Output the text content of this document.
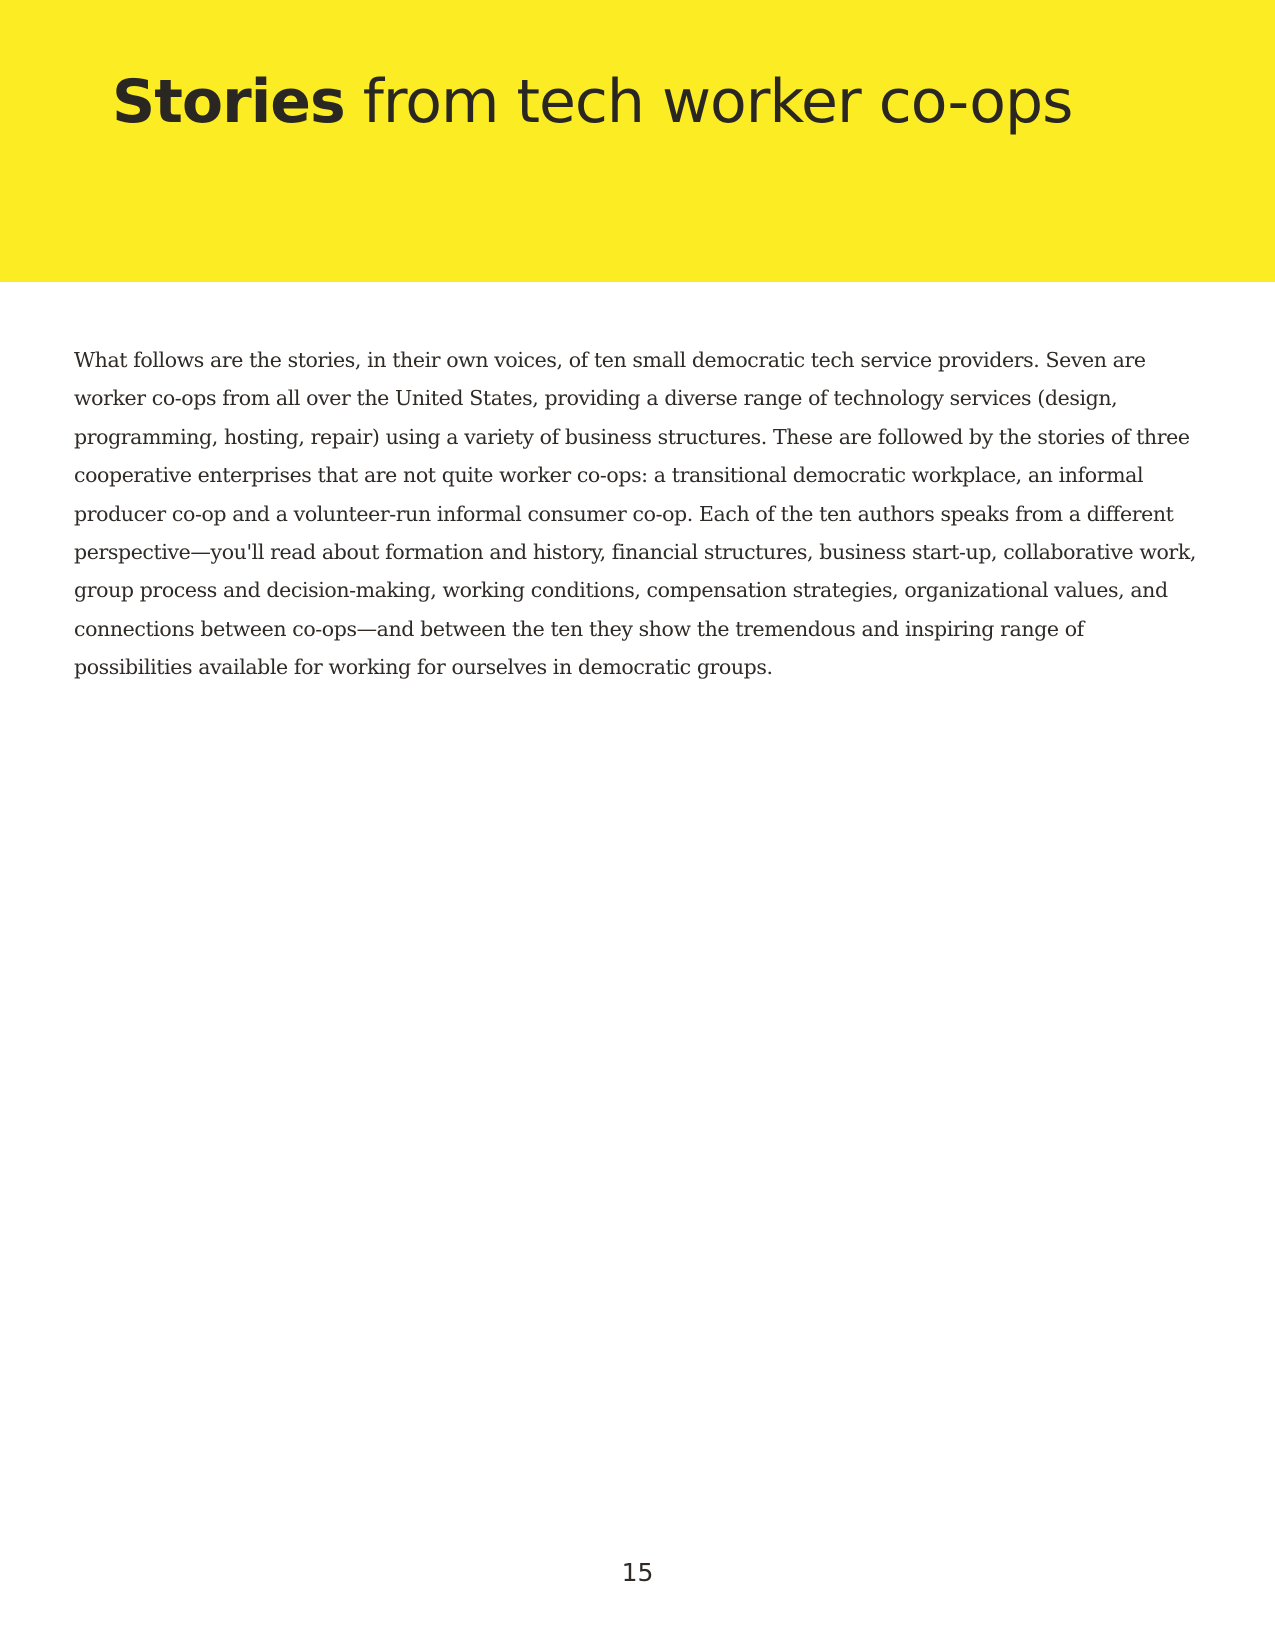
Stories from tech worker co-ops

What follows are the stories, in their own voices, of ten small democratic tech service providers. Seven are worker co-ops from all over the United States, providing a diverse range of technology services (design, programming, hosting, repair) using a variety of business structures. These are followed by the stories of three cooperative enterprises that are not quite worker co-ops: a transitional democratic workplace, an informal producer co-op and a volunteer-run informal consumer co-op. Each of the ten authors speaks from a different perspective—you'll read about formation and history, financial structures, business start-up, collaborative work, group process and decision-making, working conditions, compensation strategies, organizational values, and connections between co-ops—and between the ten they show the tremendous and inspiring range of possibilities available for working for ourselves in democratic groups.

15
